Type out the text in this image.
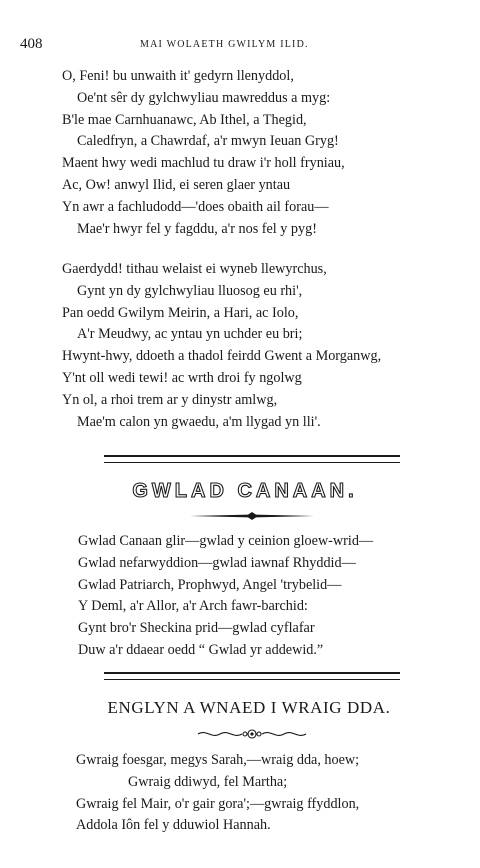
408	MAI WOLAETH GWILYM ILID.
O, Feni! bu unwaith it' gedyrn llenyddol,
Oe'nt sêr dy gylchwyliau mawreddus a myg:
B'le mae Carnhuanawc, Ab Ithel, a Thegid,
Caledfryn, a Chawrdaf, a'r mwyn Ieuan Gryg!
Maent hwy wedi machlud tu draw i'r holl fryniau,
Ac, Ow! anwyl Ilid, ei seren glaer yntau
Yn awr a fachludodd—'does obaith ail forau—
Mae'r hwyr fel y fagddu, a'r nos fel y pyg!
Gaerdydd! tithau welaist ei wyneb llewyrchus,
Gynt yn dy gylchwyliau lluosog eu rhi',
Pan oedd Gwilym Meirin, a Hari, ac Iolo,
A'r Meudwy, ac yntau yn uchder eu bri;
Hwynt-hwy, ddoeth a thadol feirdd Gwent a Morganwg,
Y'nt oll wedi tewi! ac wrth droi fy ngolwg
Yn ol, a rhoi trem ar y dinystr amlwg,
Mae'm calon yn gwaedu, a'm llygad yn lli'.
GWLAD CANAAN.
Gwlad Canaan glir—gwlad y ceinion gloew-wrid—
Gwlad nefarwyddion—gwlad iawnaf Rhyddid—
Gwlad Patriarch, Prophwyd, Angel 'trybelid—
Y Deml, a'r Allor, a'r Arch fawr-barchid:
Gynt bro'r Sheckina prid—gwlad cyflafar
Duw a'r ddaear oedd “ Gwlad yr addewid.”
ENGLYN A WNAED I WRAIG DDA.
Gwraig foesgar, megys Sarah,—wraig dda, hoew;
Gwraig ddiwyd, fel Martha;
Gwraig fel Mair, o'r gair gora';—gwraig ffyddlon,
Addola Iôn fel y dduwiol Hannah.
